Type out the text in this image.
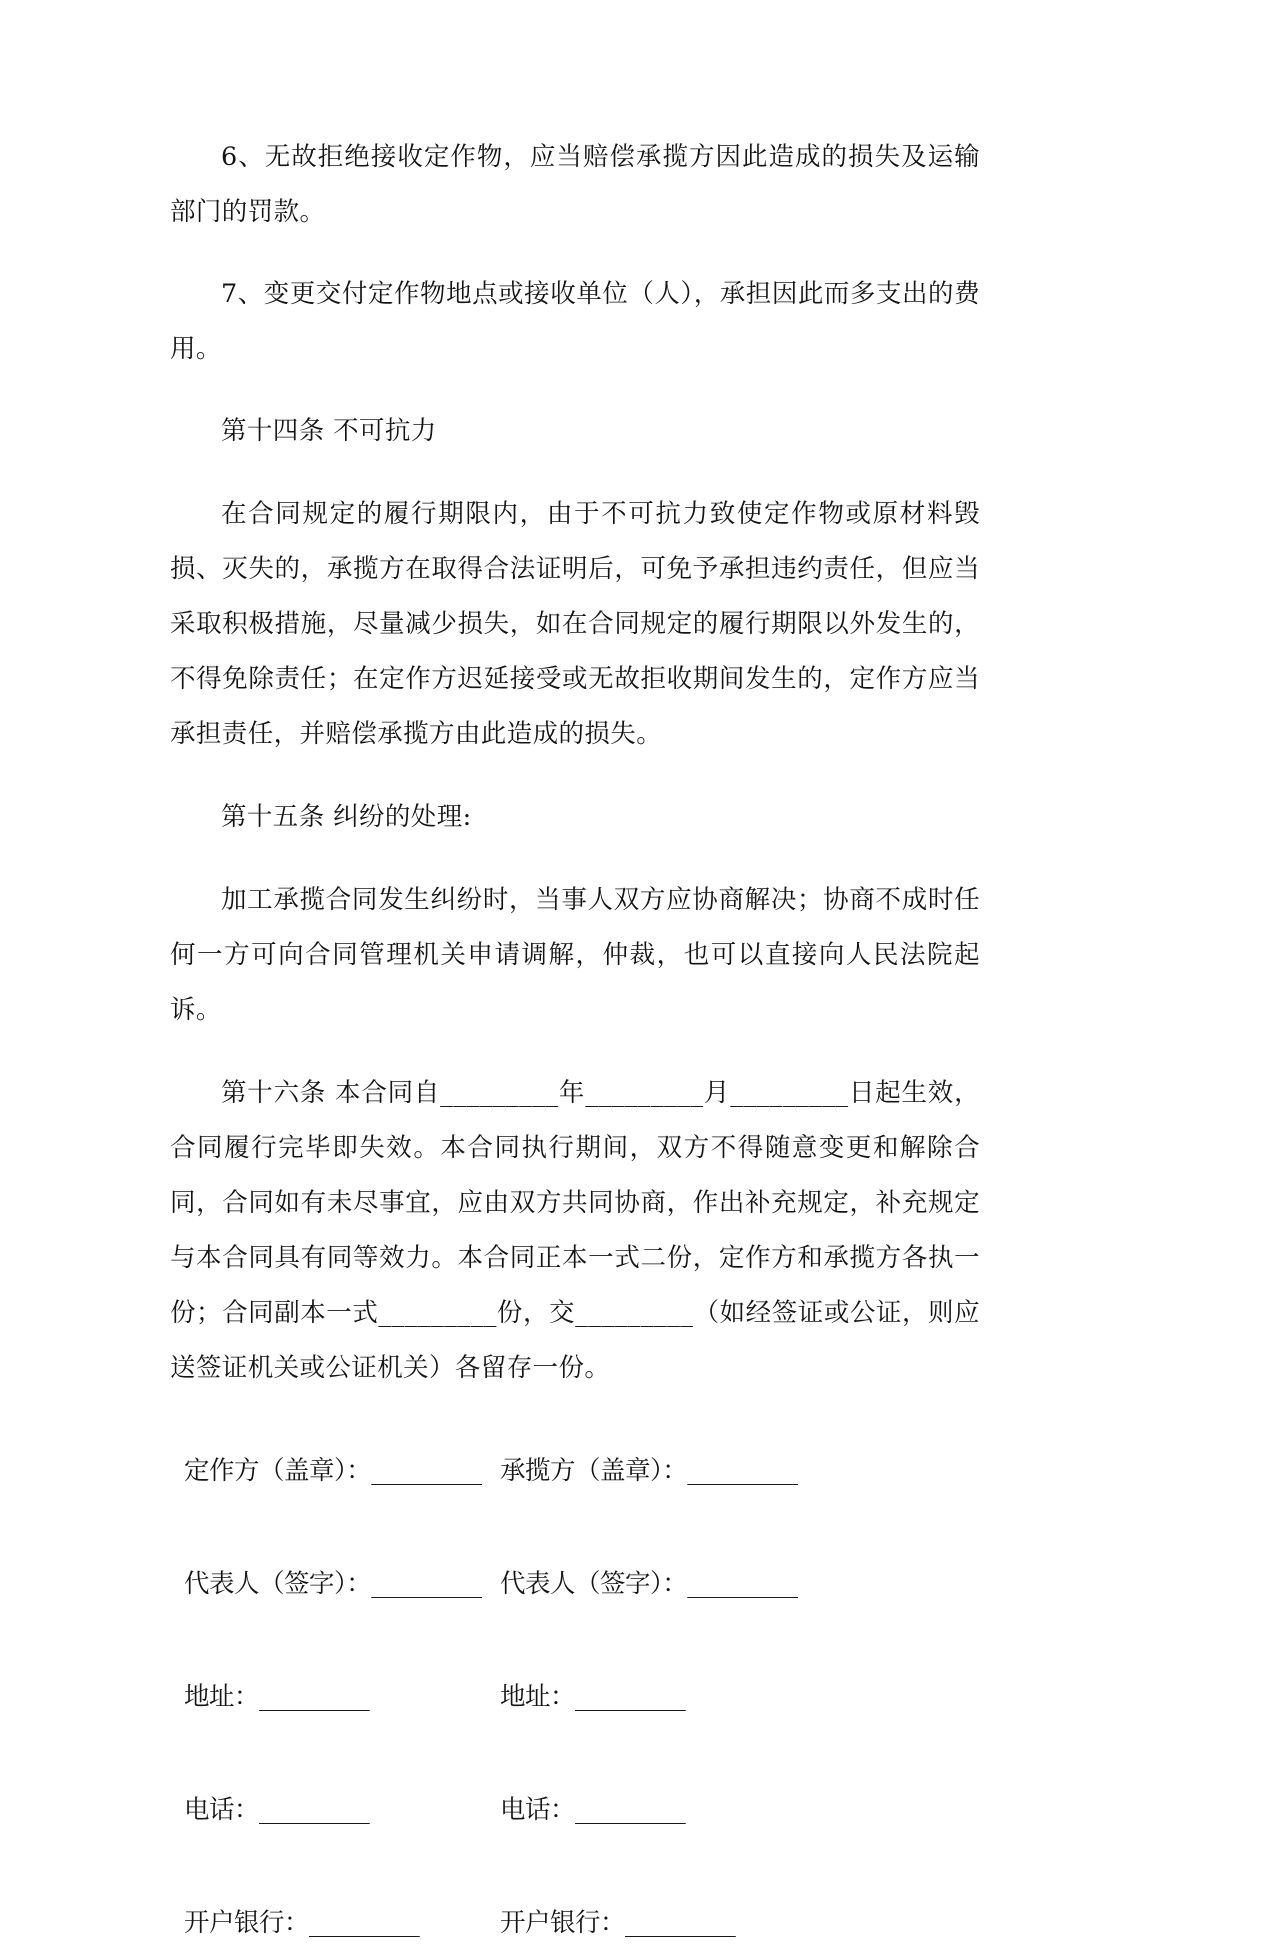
6、无故拒绝接收定作物，应当赔偿承揽方因此造成的损失及运输部门的罚款。

7、变更交付定作物地点或接收单位（人），承担因此而多支出的费用。

第十四条 不可抗力

在合同规定的履行期限内，由于不可抗力致使定作物或原材料毁损、灭失的，承揽方在取得合法证明后，可免予承担违约责任，但应当采取积极措施，尽量减少损失，如在合同规定的履行期限以外发生的，不得免除责任；在定作方迟延接受或无故拒收期间发生的，定作方应当承担责任，并赔偿承揽方由此造成的损失。

第十五条 纠纷的处理:

加工承揽合同发生纠纷时，当事人双方应协商解决；协商不成时任何一方可向合同管理机关申请调解，仲裁，也可以直接向人民法院起诉。

第十六条 本合同自_________年_________月_________日起生效，合同履行完毕即失效。本合同执行期间，双方不得随意变更和解除合同，合同如有未尽事宜，应由双方共同协商，作出补充规定，补充规定与本合同具有同等效力。本合同正本一式二份，定作方和承揽方各执一份；合同副本一式_________份，交_________（如经签证或公证，则应送签证机关或公证机关）各留存一份。

定作方（盖章）：_________ 承揽方（盖章）：_________
代表人（签字）：_________ 代表人（签字）：_________
地址：_________	地址：_________
电话：_________	电话：_________
开户银行：_________	开户银行：_________
